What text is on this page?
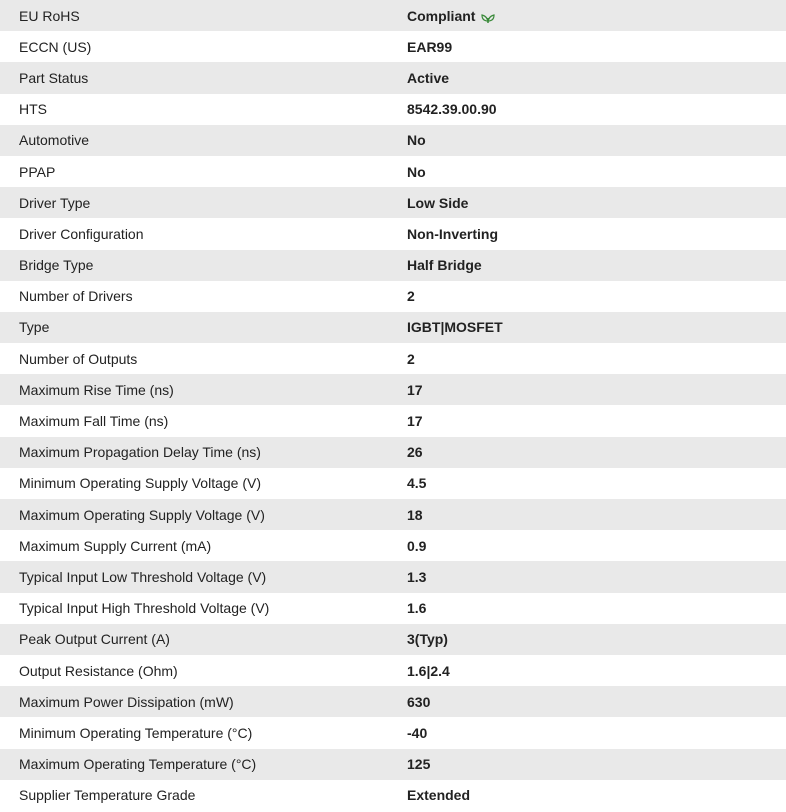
EU RoHS	Compliant
ECCN (US)	EAR99
Part Status	Active
HTS	8542.39.00.90
Automotive	No
PPAP	No
Driver Type	Low Side
Driver Configuration	Non-Inverting
Bridge Type	Half Bridge
Number of Drivers	2
Type	IGBT|MOSFET
Number of Outputs	2
Maximum Rise Time (ns)	17
Maximum Fall Time (ns)	17
Maximum Propagation Delay Time (ns)	26
Minimum Operating Supply Voltage (V)	4.5
Maximum Operating Supply Voltage (V)	18
Maximum Supply Current (mA)	0.9
Typical Input Low Threshold Voltage (V)	1.3
Typical Input High Threshold Voltage (V)	1.6
Peak Output Current (A)	3(Typ)
Output Resistance (Ohm)	1.6|2.4
Maximum Power Dissipation (mW)	630
Minimum Operating Temperature (°C)	-40
Maximum Operating Temperature (°C)	125
Supplier Temperature Grade	Extended
